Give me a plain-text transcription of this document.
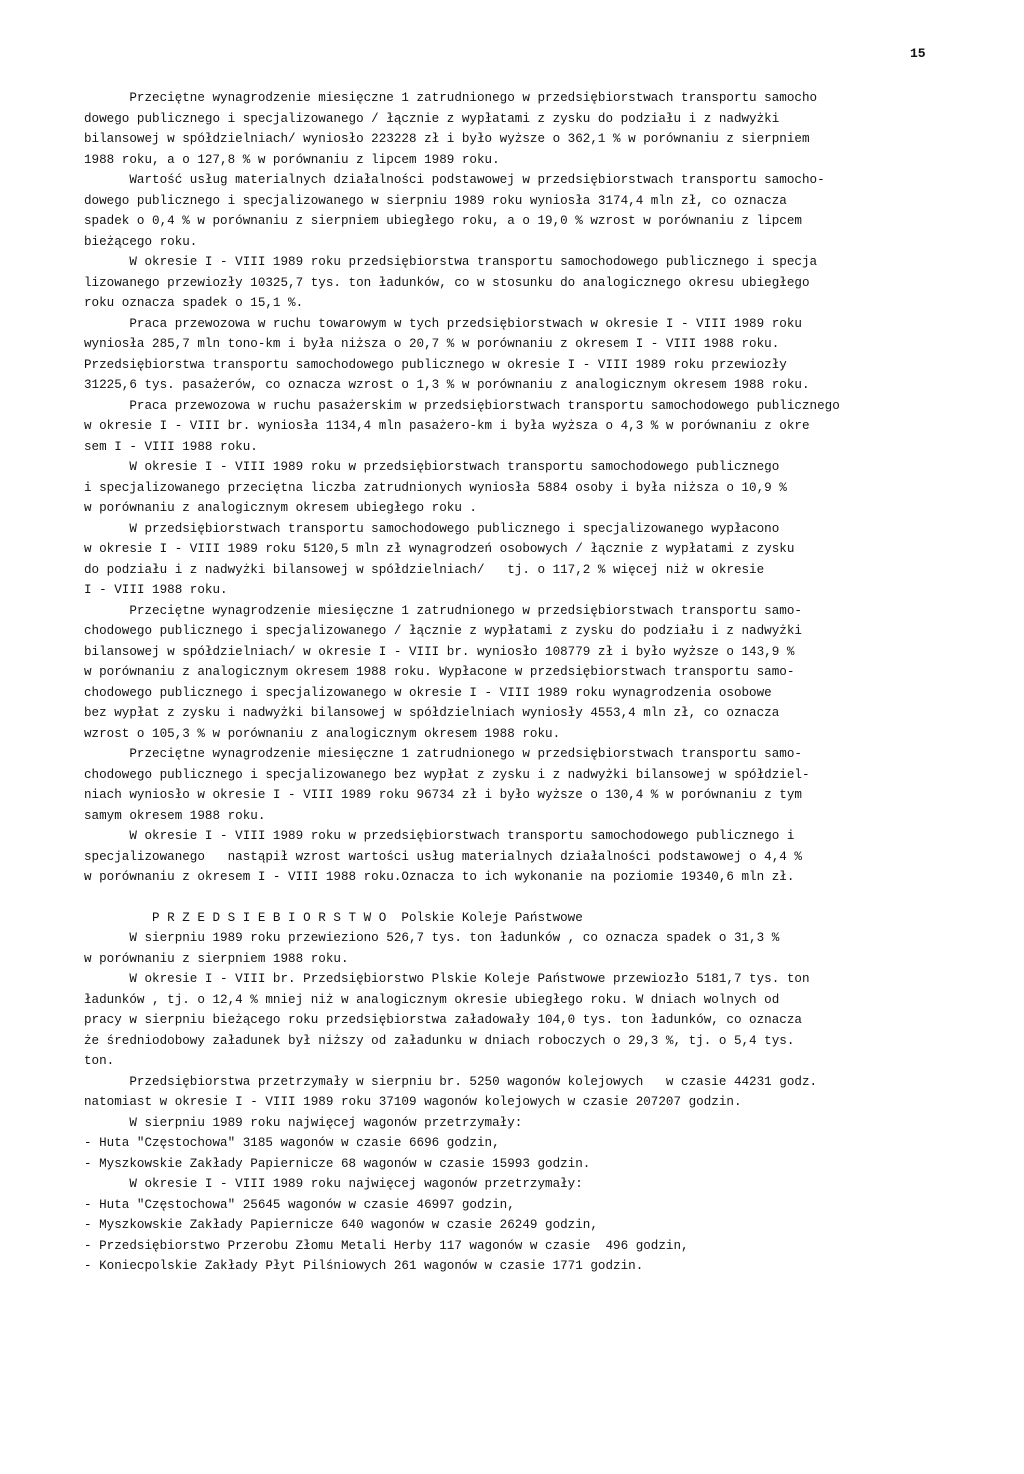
15
Przeciętne wynagrodzenie miesięczne 1 zatrudnionego w przedsiębiorstwach transportu samocho
dowego publicznego i specjalizowanego / łącznie z wypłatami z zysku do podziału i z nadwyżki
bilansowej w spółdzielniach/ wyniosło 223228 zł i było wyższe o 362,1 % w porównaniu z sierpniem
1988 roku, a o 127,8 % w porównaniu z lipcem 1989 roku.
Wartość usług materialnych działalności podstawowej w przedsiębiorstwach transportu samocho-
dowego publicznego i specjalizowanego w sierpniu 1989 roku wyniosła 3174,4 mln zł, co oznacza
spadek o 0,4 % w porównaniu z sierpniem ubiegłego roku, a o 19,0 % wzrost w porównaniu z lipcem
bieżącego roku.
W okresie I - VIII 1989 roku przedsiębiorstwa transportu samochodowego publicznego i specja
lizowanego przewiozły 10325,7 tys. ton ładunków, co w stosunku do analogicznego okresu ubiegłego
roku oznacza spadek o 15,1 %.
Praca przewozowa w ruchu towarowym w tych przedsiębiorstwach w okresie I - VIII 1989 roku
wyniosła 285,7 mln tono-km i była niższa o 20,7 % w porównaniu z okresem I - VIII 1988 roku.
Przedsiębiorstwa transportu samochodowego publicznego w okresie I - VIII 1989 roku przewiozły
31225,6 tys. pasażerów, co oznacza wzrost o 1,3 % w porównaniu z analogicznym okresem 1988 roku.
Praca przewozowa w ruchu pasażerskim w przedsiębiorstwach transportu samochodowego publicznego
w okresie I - VIII br. wyniosła 1134,4 mln pasażero-km i była wyższa o 4,3 % w porównaniu z okre
sem I - VIII 1988 roku.
W okresie I - VIII 1989 roku w przedsiębiorstwach transportu samochodowego publicznego
i specjalizowanego przeciętna liczba zatrudnionych wyniosła 5884 osoby i była niższa o 10,9 %
w porównaniu z analogicznym okresem ubiegłego roku .
W przedsiębiorstwach transportu samochodowego publicznego i specjalizowanego wypłacono
w okresie I - VIII 1989 roku 5120,5 mln zł wynagrodzeń osobowych / łącznie z wypłatami z zysku
do podziału i z nadwyżki bilansowej w spółdzielniach/   tj. o 117,2 % więcej niż w okresie
I - VIII 1988 roku.
Przeciętne wynagrodzenie miesięczne 1 zatrudnionego w przedsiębiorstwach transportu samo-
chodowego publicznego i specjalizowanego / łącznie z wypłatami z zysku do podziału i z nadwyżki
bilansowej w spółdzielniach/ w okresie I - VIII br. wyniosło 108779 zł i było wyższe o 143,9 %
w porównaniu z analogicznym okresem 1988 roku. Wypłacone w przedsiębiorstwach transportu samo-
chodowego publicznego i specjalizowanego w okresie I - VIII 1989 roku wynagrodzenia osobowe
bez wypłat z zysku i nadwyżki bilansowej w spółdzielniach wyniosły 4553,4 mln zł, co oznacza
wzrost o 105,3 % w porównaniu z analogicznym okresem 1988 roku.
Przeciętne wynagrodzenie miesięczne 1 zatrudnionego w przedsiębiorstwach transportu samo-
chodowego publicznego i specjalizowanego bez wypłat z zysku i z nadwyżki bilansowej w spółdziel-
niach wyniosło w okresie I - VIII 1989 roku 96734 zł i było wyższe o 130,4 % w porównaniu z tym
samym okresem 1988 roku.
W okresie I - VIII 1989 roku w przedsiębiorstwach transportu samochodowego publicznego i
specjalizowanego   nastąpił wzrost wartości usług materialnych działalności podstawowej o 4,4 %
w porównaniu z okresem I - VIII 1988 roku.Oznacza to ich wykonanie na poziomie 19340,6 mln zł.
P R Z E D S I E B I O R S T W O  Polskie Koleje Państwowe
W sierpniu 1989 roku przewieziono 526,7 tys. ton ładunków , co oznacza spadek o 31,3 %
w porównaniu z sierpniem 1988 roku.
W okresie I - VIII br. Przedsiębiorstwo Plskie Koleje Państwowe przewiozło 5181,7 tys. ton
ładunków , tj. o 12,4 % mniej niż w analogicznym okresie ubiegłego roku. W dniach wolnych od
pracy w sierpniu bieżącego roku przedsiębiorstwa załadowały 104,0 tys. ton ładunków, co oznacza
że średniodobowy załadunek był niższy od załadunku w dniach roboczych o 29,3 %, tj. o 5,4 tys.
ton.
Przedsiębiorstwa przetrzymały w sierpniu br. 5250 wagonów kolejowych   w czasie 44231 godz.
natomiast w okresie I - VIII 1989 roku 37109 wagonów kolejowych w czasie 207207 godzin.
W sierpniu 1989 roku najwięcej wagonów przetrzymały:
- Huta "Częstochowa" 3185 wagonów w czasie 6696 godzin,
- Myszkowskie Zakłady Papiernicze 68 wagonów w czasie 15993 godzin.
W okresie I - VIII 1989 roku najwięcej wagonów przetrzymały:
- Huta "Częstochowa" 25645 wagonów w czasie 46997 godzin,
- Myszkowskie Zakłady Papiernicze 640 wagonów w czasie 26249 godzin,
- Przedsiębiorstwo Przerobu Złomu Metali Herby 117 wagonów w czasie  496 godzin,
- Koniecpolskie Zakłady Płyt Pilśniowych 261 wagonów w czasie 1771 godzin.
